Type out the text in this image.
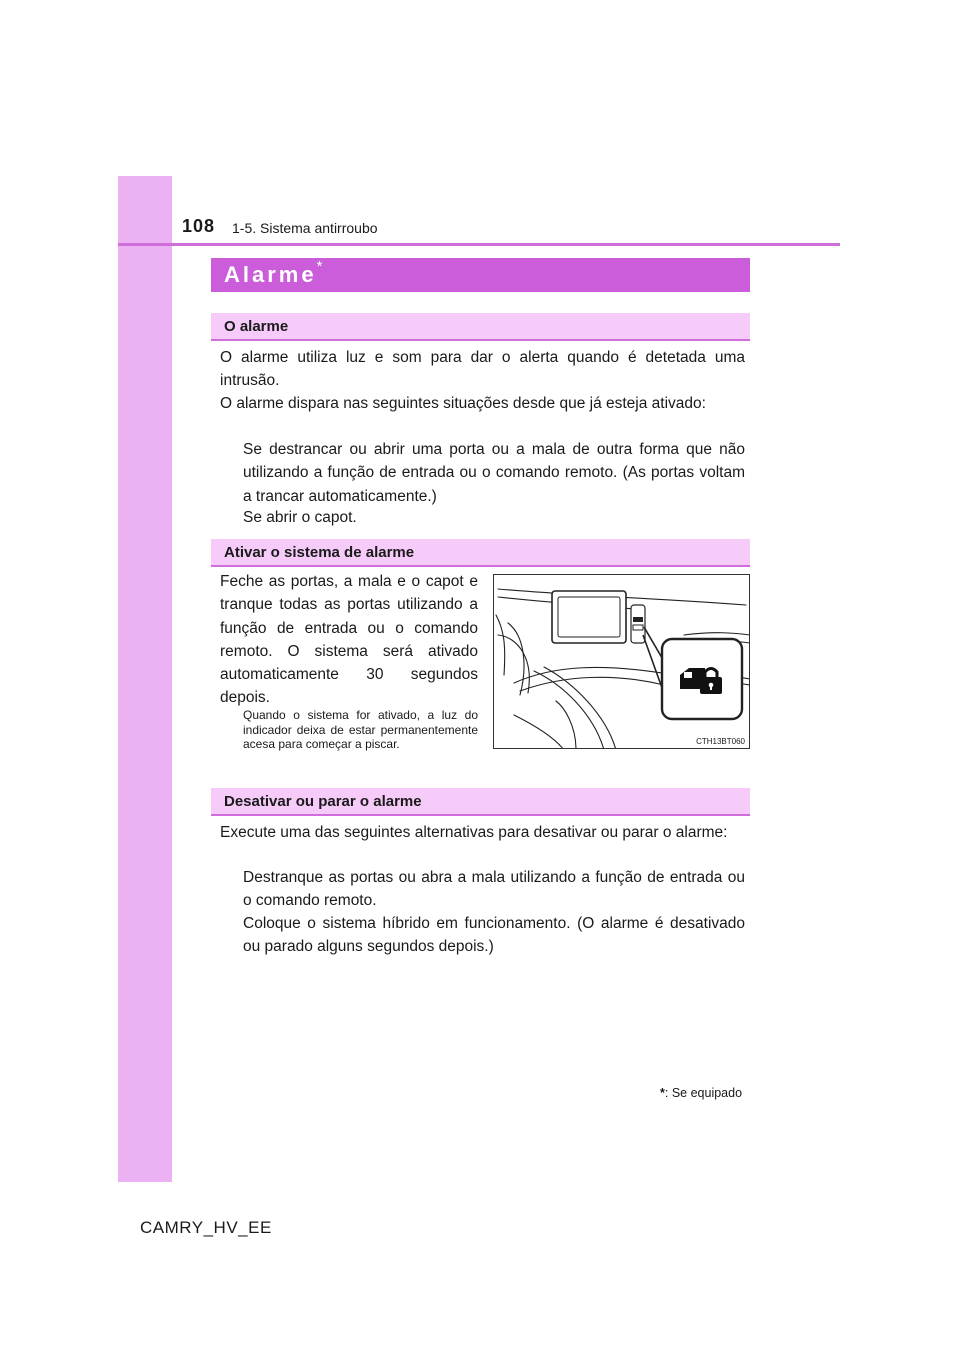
108 1-5. Sistema antirroubo
Alarme*
O alarme
O alarme utiliza luz e som para dar o alerta quando é detetada uma intrusão.
O alarme dispara nas seguintes situações desde que já esteja ativado:
Se destrancar ou abrir uma porta ou a mala de outra forma que não utilizando a função de entrada ou o comando remoto. (As portas voltam a trancar automaticamente.)
Se abrir o capot.
Ativar o sistema de alarme
Feche as portas, a mala e o capot e tranque todas as portas utilizando a função de entrada ou o comando remoto. O sistema será ativado automaticamente 30 segundos depois.
Quando o sistema for ativado, a luz do indicador deixa de estar permanentemente acesa para começar a piscar.	CTH13BT060
Desativar ou parar o alarme
Execute uma das seguintes alternativas para desativar ou parar o alarme:
Destranque as portas ou abra a mala utilizando a função de entrada ou o comando remoto.
Coloque o sistema híbrido em funcionamento. (O alarme é desativado ou parado alguns segundos depois.)
*: Se equipado
CAMRY_HV_EE
